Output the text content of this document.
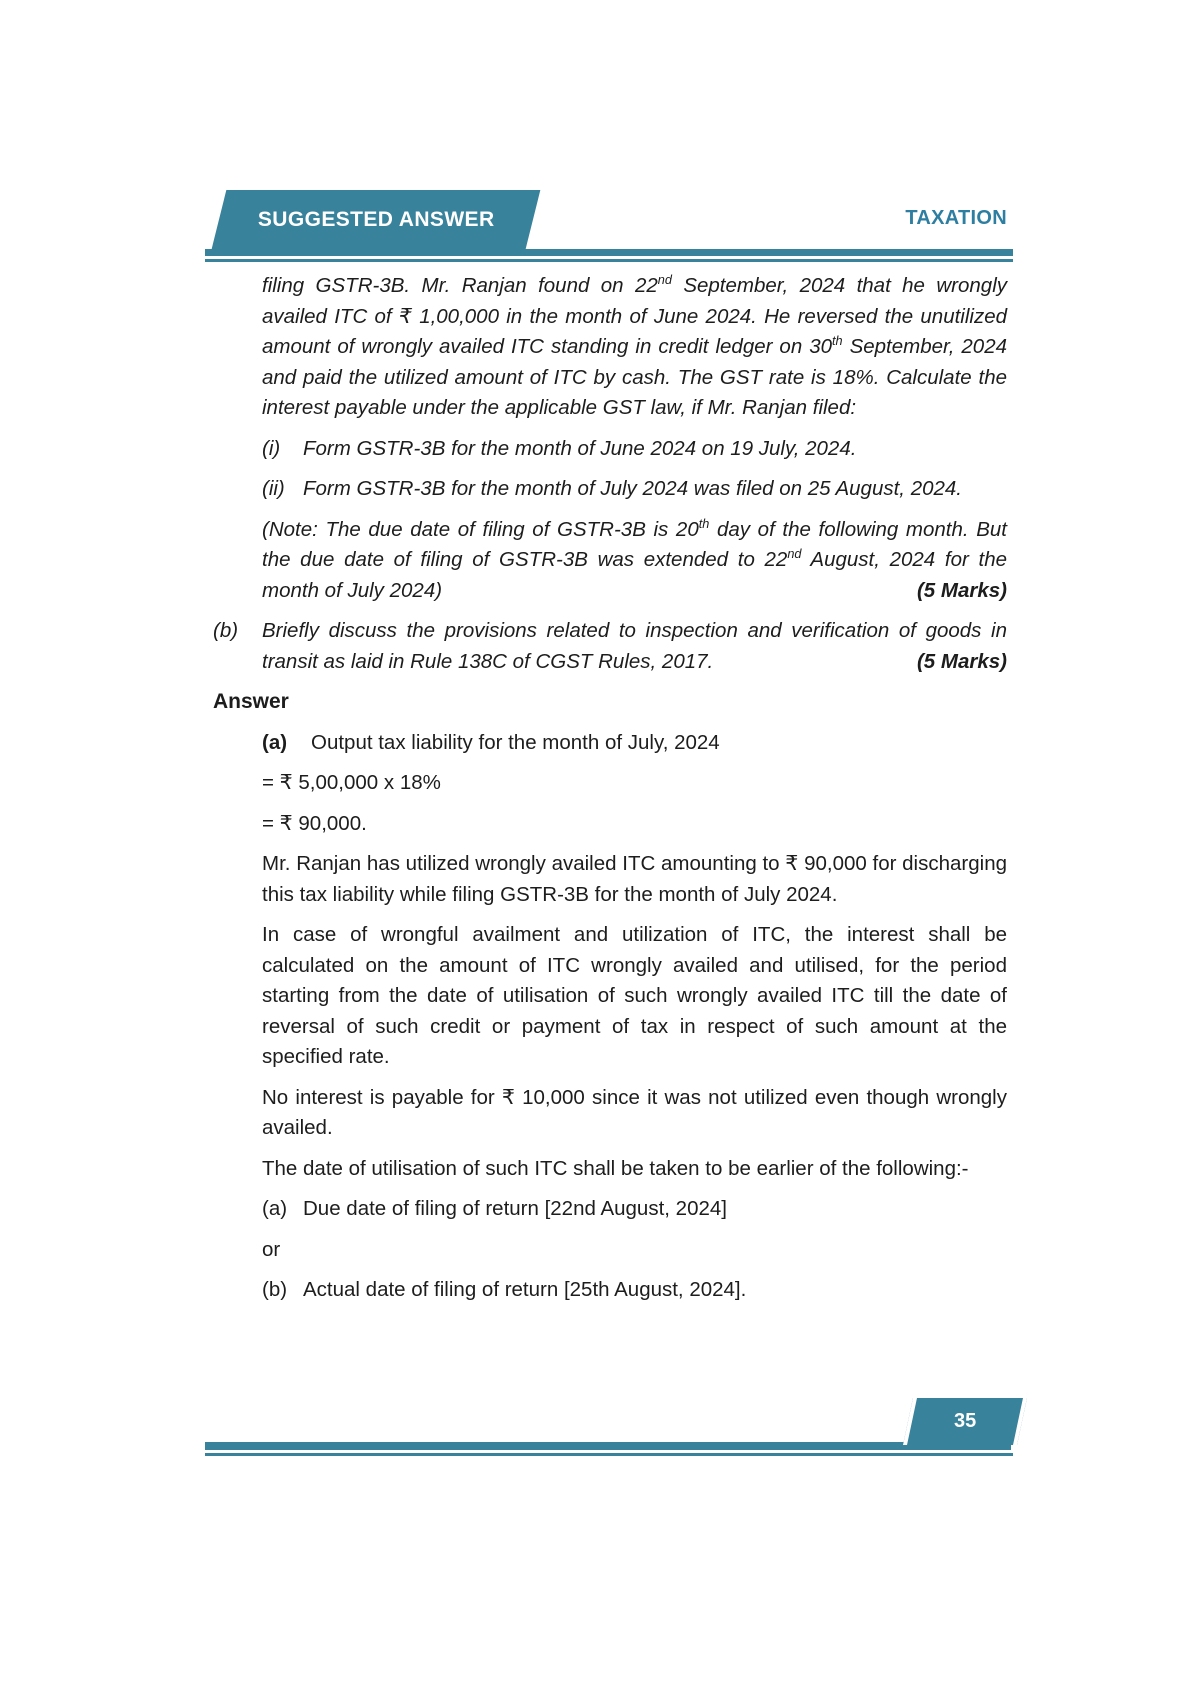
SUGGESTED ANSWER	TAXATION

filing GSTR-3B. Mr. Ranjan found on 22nd September, 2024 that he wrongly availed ITC of ₹ 1,00,000 in the month of June 2024. He reversed the unutilized amount of wrongly availed ITC standing in credit ledger on 30th September, 2024 and paid the utilized amount of ITC by cash. The GST rate is 18%. Calculate the interest payable under the applicable GST law, if Mr. Ranjan filed:

(i)	Form GSTR-3B for the month of June 2024 on 19 July, 2024.
(ii) Form GSTR-3B for the month of July 2024 was filed on 25 August, 2024.

(Note: The due date of filing of GSTR-3B is 20th day of the following month. But the due date of filing of GSTR-3B was extended to 22nd August, 2024 for the month of July 2024)	(5 Marks)

(b) Briefly discuss the provisions related to inspection and verification of goods in transit as laid in Rule 138C of CGST Rules, 2017.	(5 Marks)
Answer
(a) Output tax liability for the month of July, 2024

= ₹ 5,00,000 x 18%

= ₹ 90,000.

Mr. Ranjan has utilized wrongly availed ITC amounting to ₹ 90,000 for discharging this tax liability while filing GSTR-3B for the month of July 2024.

In case of wrongful availment and utilization of ITC, the interest shall be calculated on the amount of ITC wrongly availed and utilised, for the period starting from the date of utilisation of such wrongly availed ITC till the date of reversal of such credit or payment of tax in respect of such amount at the specified rate.

No interest is payable for ₹ 10,000 since it was not utilized even though wrongly availed.

The date of utilisation of such ITC shall be taken to be earlier of the following:-

(a) Due date of filing of return [22nd August, 2024]

or

(b) Actual date of filing of return [25th August, 2024].
35
